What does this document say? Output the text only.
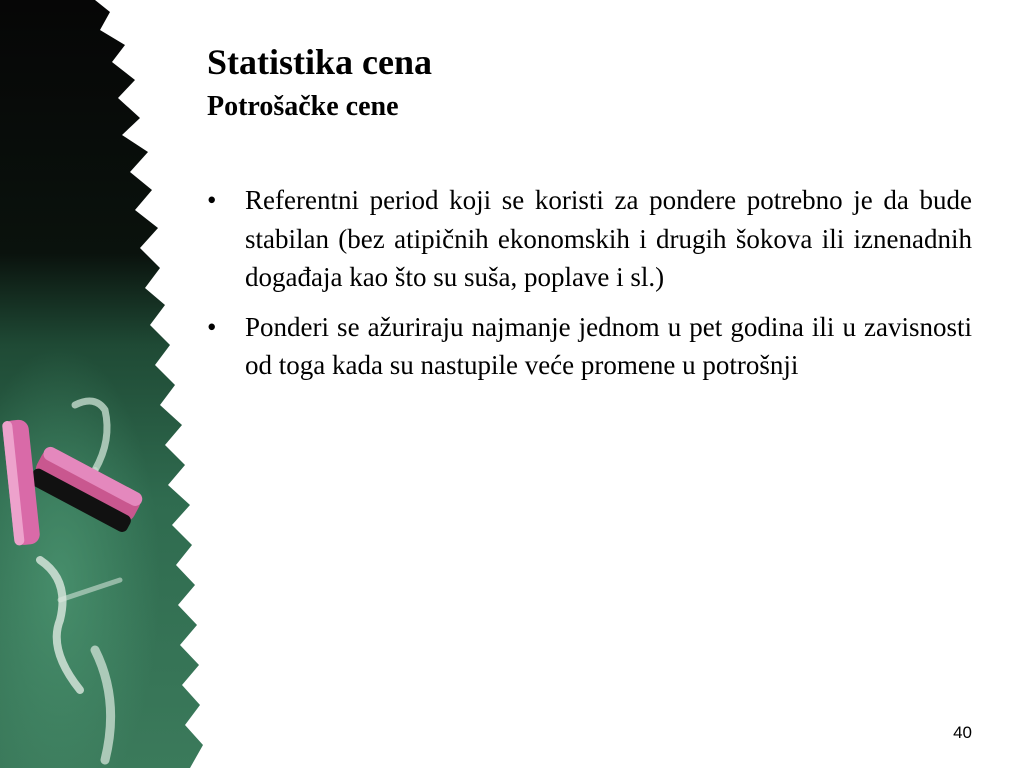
Statistika cena
Potrošačke cene
•	Referentni period koji se koristi za pondere potrebno je da bude stabilan (bez atipičnih ekonomskih i drugih šokova ili iznenadnih događaja kao što su suša, poplave i sl.)
•	Ponderi se ažuriraju najmanje jednom u pet godina ili u zavisnosti od toga kada su nastupile veće promene u potrošnji
40
